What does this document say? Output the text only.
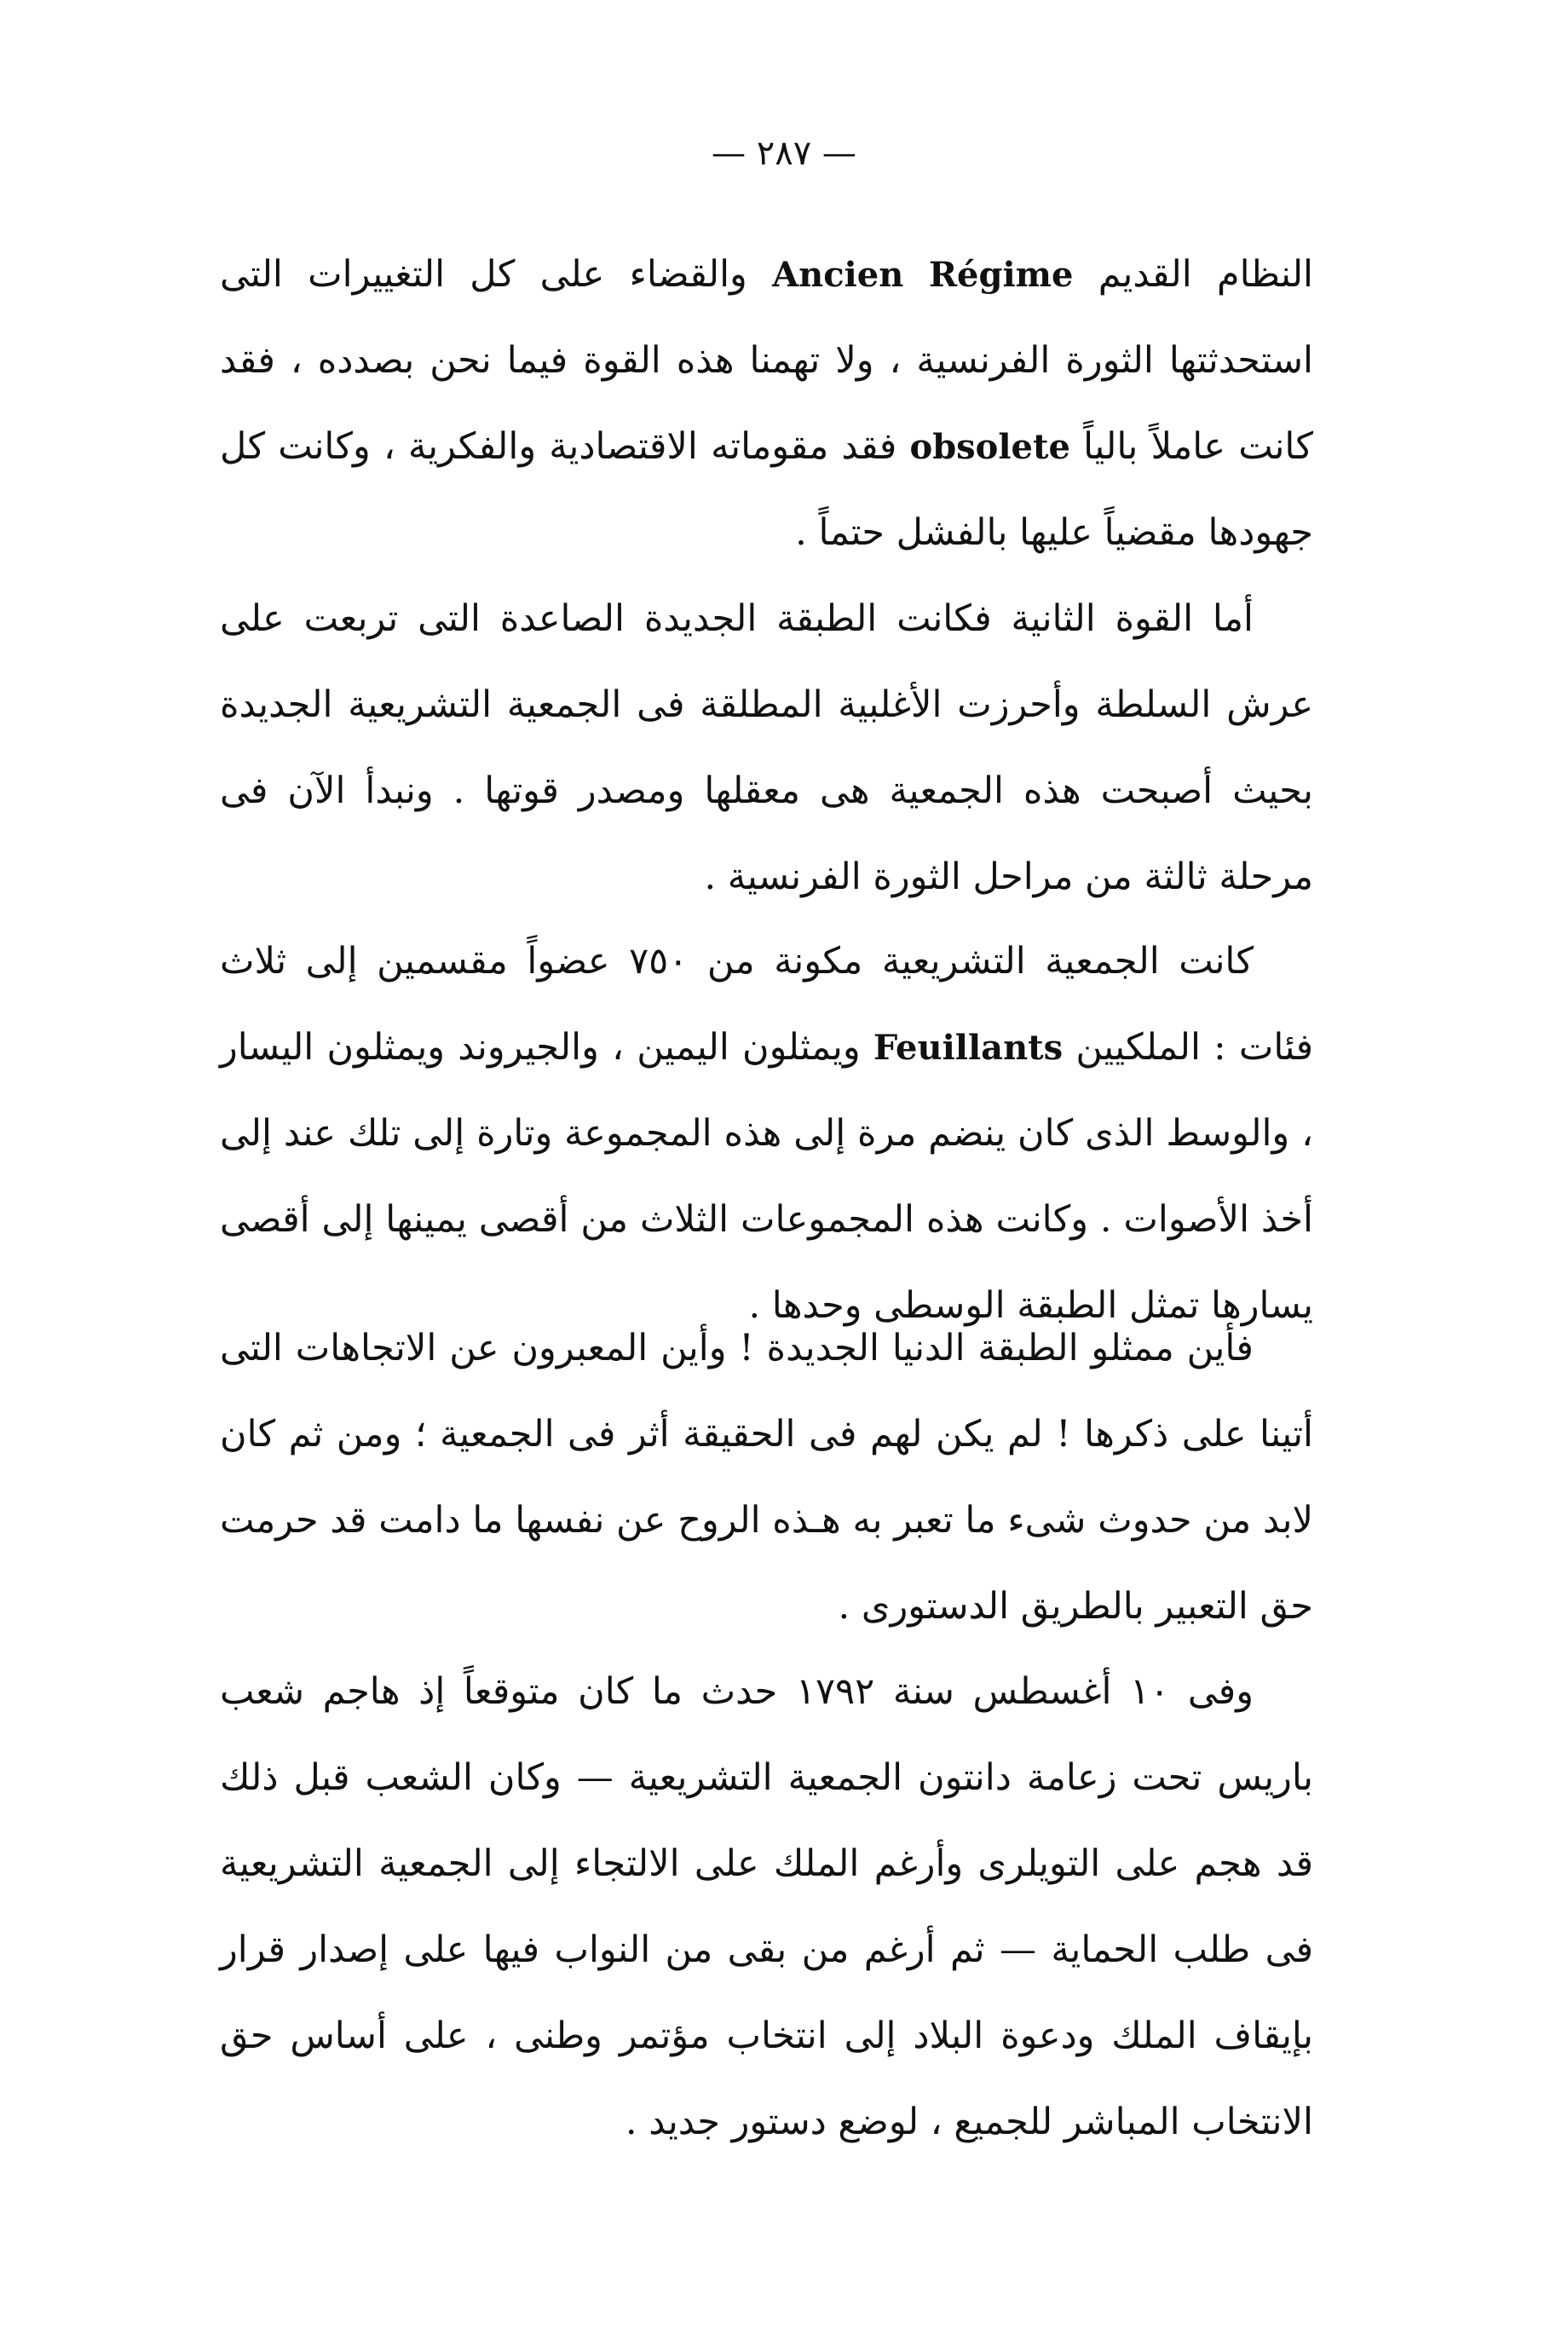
— ٢٨٧ —

النظام القديم Ancien Régime والقضاء على كل التغييرات التى استحدثتها الثورة الفرنسية ، ولا تهمنا هذه القوة فيما نحن بصدده ، فقد كانت عاملاً بالياً obsolete فقد مقوماته الاقتصادية والفكرية ، وكانت كل جهودها مقضياً عليها بالفشل حتماً .

أما القوة الثانية فكانت الطبقة الجديدة الصاعدة التى تربعت على عرش السلطة وأحرزت الأغلبية المطلقة فى الجمعية التشريعية الجديدة بحيث أصبحت هذه الجمعية هى معقلها ومصدر قوتها . ونبدأ الآن فى مرحلة ثالثة من مراحل الثورة الفرنسية .

كانت الجمعية التشريعية مكونة من ٧٥٠ عضواً مقسمين إلى ثلاث فئات : الملكيين Feuillants ويمثلون اليمين ، والجيروند ويمثلون اليسار ، والوسط الذى كان ينضم مرة إلى هذه المجموعة وتارة إلى تلك عند إلى أخذ الأصوات . وكانت هذه المجموعات الثلاث من أقصى يمينها إلى أقصى يسارها تمثل الطبقة الوسطى وحدها .

فأين ممثلو الطبقة الدنيا الجديدة ! وأين المعبرون عن الاتجاهات التى أتينا على ذكرها ! لم يكن لهم فى الحقيقة أثر فى الجمعية ؛ ومن ثم كان لابد من حدوث شىء ما تعبر به هـذه الروح عن نفسها ما دامت قد حرمت حق التعبير بالطريق الدستورى .

وفى ١٠ أغسطس سنة ١٧٩٢ حدث ما كان متوقعاً إذ هاجم شعب باريس تحت زعامة دانتون الجمعية التشريعية — وكان الشعب قبل ذلك قد هجم على التويلرى وأرغم الملك على الالتجاء إلى الجمعية التشريعية فى طلب الحماية — ثم أرغم من بقى من النواب فيها على إصدار قرار بإيقاف الملك ودعوة البلاد إلى انتخاب مؤتمر وطنى ، على أساس حق الانتخاب المباشر للجميع ، لوضع دستور جديد .
